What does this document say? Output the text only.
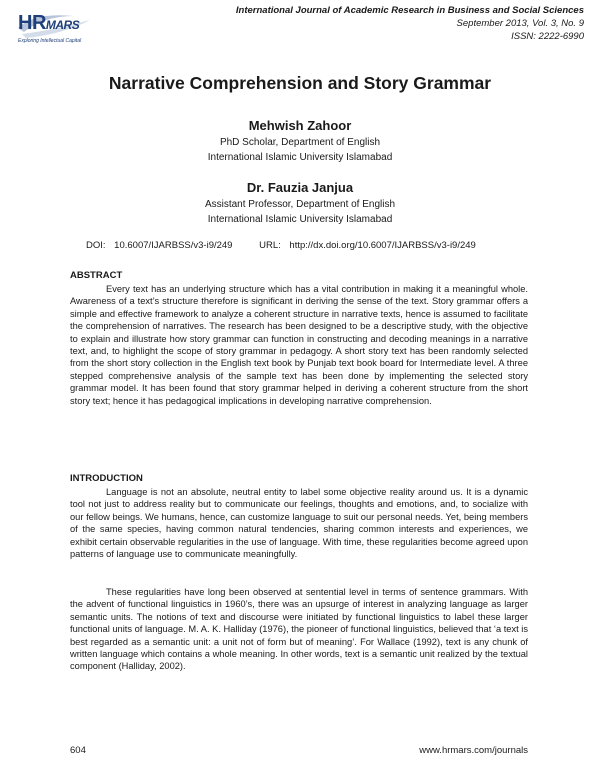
HRMARS
Exploring Intellectual Capital
International Journal of Academic Research in Business and Social Sciences
September 2013, Vol. 3, No. 9
ISSN: 2222-6990
Narrative Comprehension and Story Grammar
Mehwish Zahoor
PhD Scholar, Department of English
International Islamic University Islamabad
Dr. Fauzia Janjua
Assistant Professor, Department of English
International Islamic University Islamabad
DOI: 10.6007/IJARBSS/v3-i9/249	URL: http://dx.doi.org/10.6007/IJARBSS/v3-i9/249
ABSTRACT

Every text has an underlying structure which has a vital contribution in making it a meaningful whole. Awareness of a text’s structure therefore is significant in deriving the sense of the text. Story grammar offers a simple and effective framework to analyze a coherent structure in narrative texts, hence is assumed to facilitate the comprehension of narratives. The research has been designed to be a descriptive study, with the objective to explain and illustrate how story grammar can function in constructing and decoding meanings in a narrative text, and, to highlight the scope of story grammar in pedagogy. A short story text has been randomly selected from the short story collection in the English text book by Punjab text book board for Intermediate level. A three stepped comprehensive analysis of the sample text has been done by implementing the selected story grammar model. It has been found that story grammar helped in deriving a coherent structure from the short story text; hence it has pedagogical implications in developing narrative comprehension.

INTRODUCTION

Language is not an absolute, neutral entity to label some objective reality around us. It is a dynamic tool not just to address reality but to communicate our feelings, thoughts and emotions, and, to socialize with our fellow beings. We humans, hence, can customize language to suit our personal needs. Yet, being members of the same species, having common natural tendencies, sharing common interests and experiences, we exhibit certain observable regularities in the use of language. With time, these regularities become agreed upon patterns of language use to communicate meaningfully.

These regularities have long been observed at sentential level in terms of sentence grammars. With the advent of functional linguistics in 1960’s, there was an upsurge of interest in analyzing language as larger semantic units. The notions of text and discourse were initiated by functional linguistics to label these larger functional units of language. M. A. K. Halliday (1976), the pioneer of functional linguistics, believed that ‘a text is best regarded as a semantic unit: a unit not of form but of meaning’. For Wallace (1992), text is any chunk of written language which contains a whole meaning. In other words, text is a semantic unit realized by the textual component (Halliday, 2002).

604	www.hrmars.com/journals
